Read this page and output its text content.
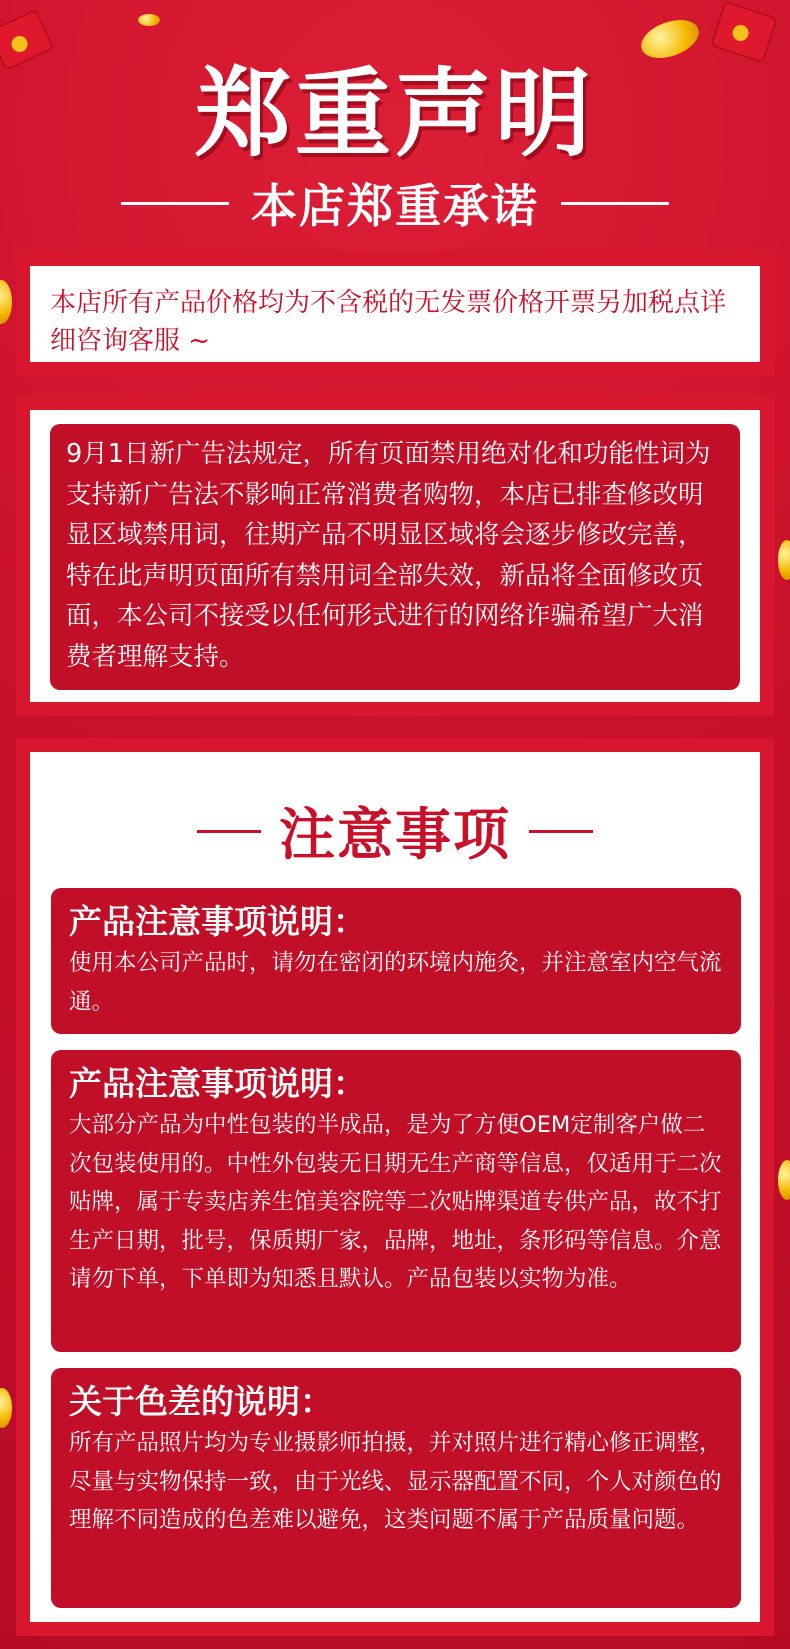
郑重声明
本店郑重承诺
本店所有产品价格均为不含税的无发票价格开票另加税点详细咨询客服 ~
9月1日新广告法规定，所有页面禁用绝对化和功能性词为支持新广告法不影响正常消费者购物，本店已排查修改明显区域禁用词，往期产品不明显区域将会逐步修改完善，特在此声明页面所有禁用词全部失效，新品将全面修改页面，本公司不接受以任何形式进行的网络诈骗希望广大消费者理解支持。
注意事项
产品注意事项说明：
使用本公司产品时，请勿在密闭的环境内施灸，并注意室内空气流通。
产品注意事项说明：
大部分产品为中性包装的半成品，是为了方便OEM定制客户做二次包装使用的。中性外包装无日期无生产商等信息，仅适用于二次贴牌，属于专卖店养生馆美容院等二次贴牌渠道专供产品，故不打生产日期，批号，保质期厂家，品牌，地址，条形码等信息。介意请勿下单，下单即为知悉且默认。产品包装以实物为准。
关于色差的说明：
所有产品照片均为专业摄影师拍摄，并对照片进行精心修正调整，尽量与实物保持一致，由于光线、显示器配置不同，个人对颜色的理解不同造成的色差难以避免，这类问题不属于产品质量问题。
